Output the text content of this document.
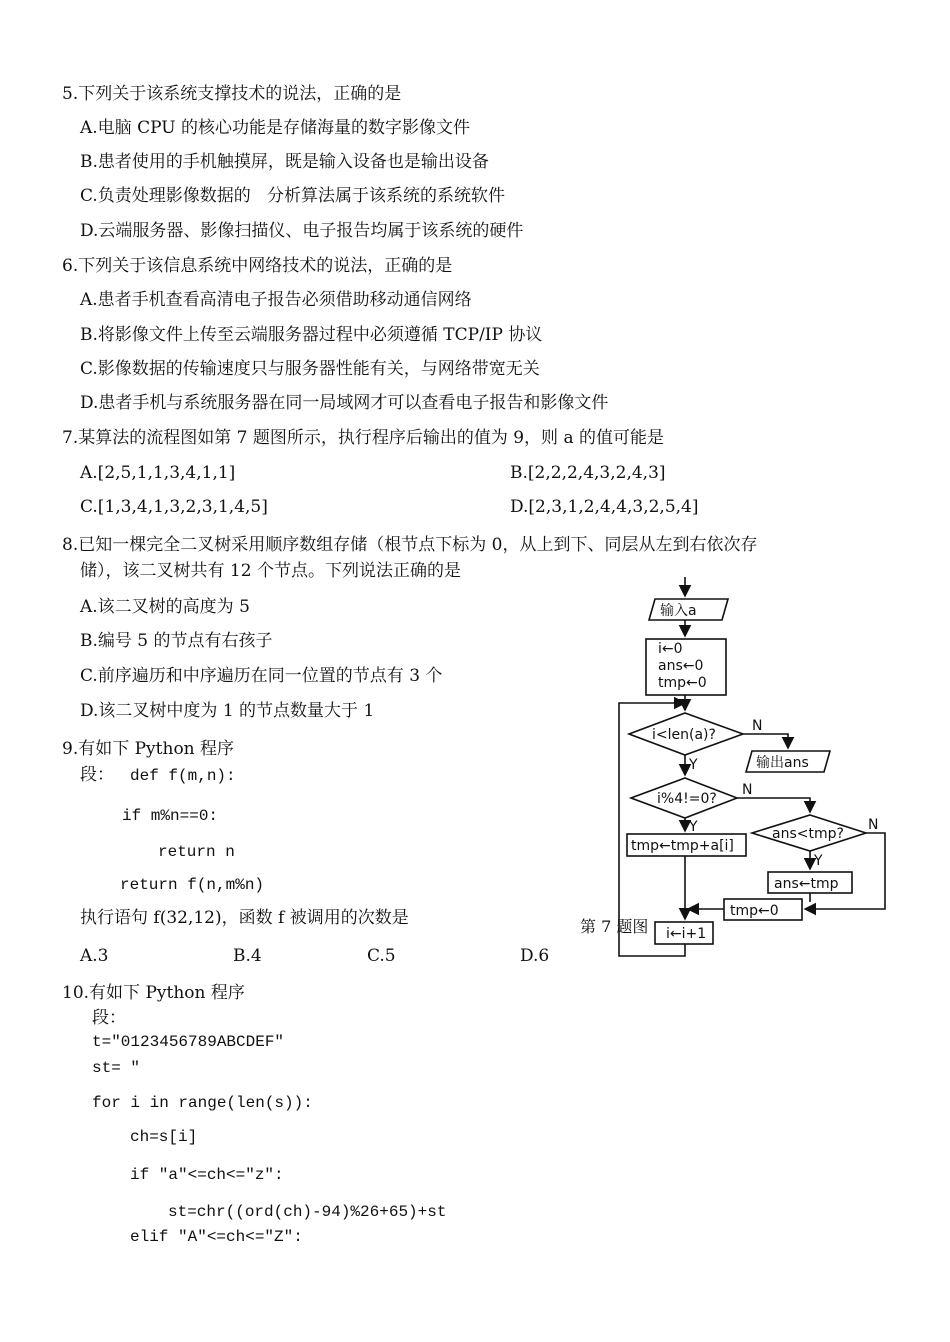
5.下列关于该系统支撑技术的说法，正确的是
A.电脑 CPU 的核心功能是存储海量的数字影像文件
B.患者使用的手机触摸屏，既是输入设备也是输出设备
C.负责处理影像数据的   分析算法属于该系统的系统软件
D.云端服务器、影像扫描仪、电子报告均属于该系统的硬件
6.下列关于该信息系统中网络技术的说法，正确的是
A.患者手机查看高清电子报告必须借助移动通信网络
B.将影像文件上传至云端服务器过程中必须遵循 TCP/IP 协议
C.影像数据的传输速度只与服务器性能有关，与网络带宽无关
D.患者手机与系统服务器在同一局域网才可以查看电子报告和影像文件
7.某算法的流程图如第 7 题图所示，执行程序后输出的值为 9，则 a 的值可能是
A.[2,5,1,1,3,4,1,1]	B.[2,2,2,4,3,2,4,3]
C.[1,3,4,1,3,2,3,1,4,5]	D.[2,3,1,2,4,4,3,2,5,4]
8.已知一棵完全二叉树采用顺序数组存储（根节点下标为 0，从上到下、同层从左到右依次存
储），该二叉树共有 12 个节点。下列说法正确的是
A.该二叉树的高度为 5
B.编号 5 的节点有右孩子
C.前序遍历和中序遍历在同一位置的节点有 3 个
D.该二叉树中度为 1 的节点数量大于 1
9.有如下 Python 程序
段： def f(m,n):
if m%n==0:
return n
return f(n,m%n)
执行语句 f(32,12)，函数 f 被调用的次数是
A.3	B.4	C.5	D.6
10.有如下 Python 程序
段：
t="0123456789ABCDEF"
st= "
for i in range(len(s)):
ch=s[i]
if "a"<=ch<="z":
st=chr((ord(ch)-94)%26+65)+st
elif "A"<=ch<="Z":
输入a
i←0
ans←0
tmp←0
i<len(a)?
N
输出ans
Y
i%4!=0?
N
Y
tmp←tmp+a[i]
ans<tmp?
N
Y
ans←tmp
tmp←0
i←i+1
第 7 题图
